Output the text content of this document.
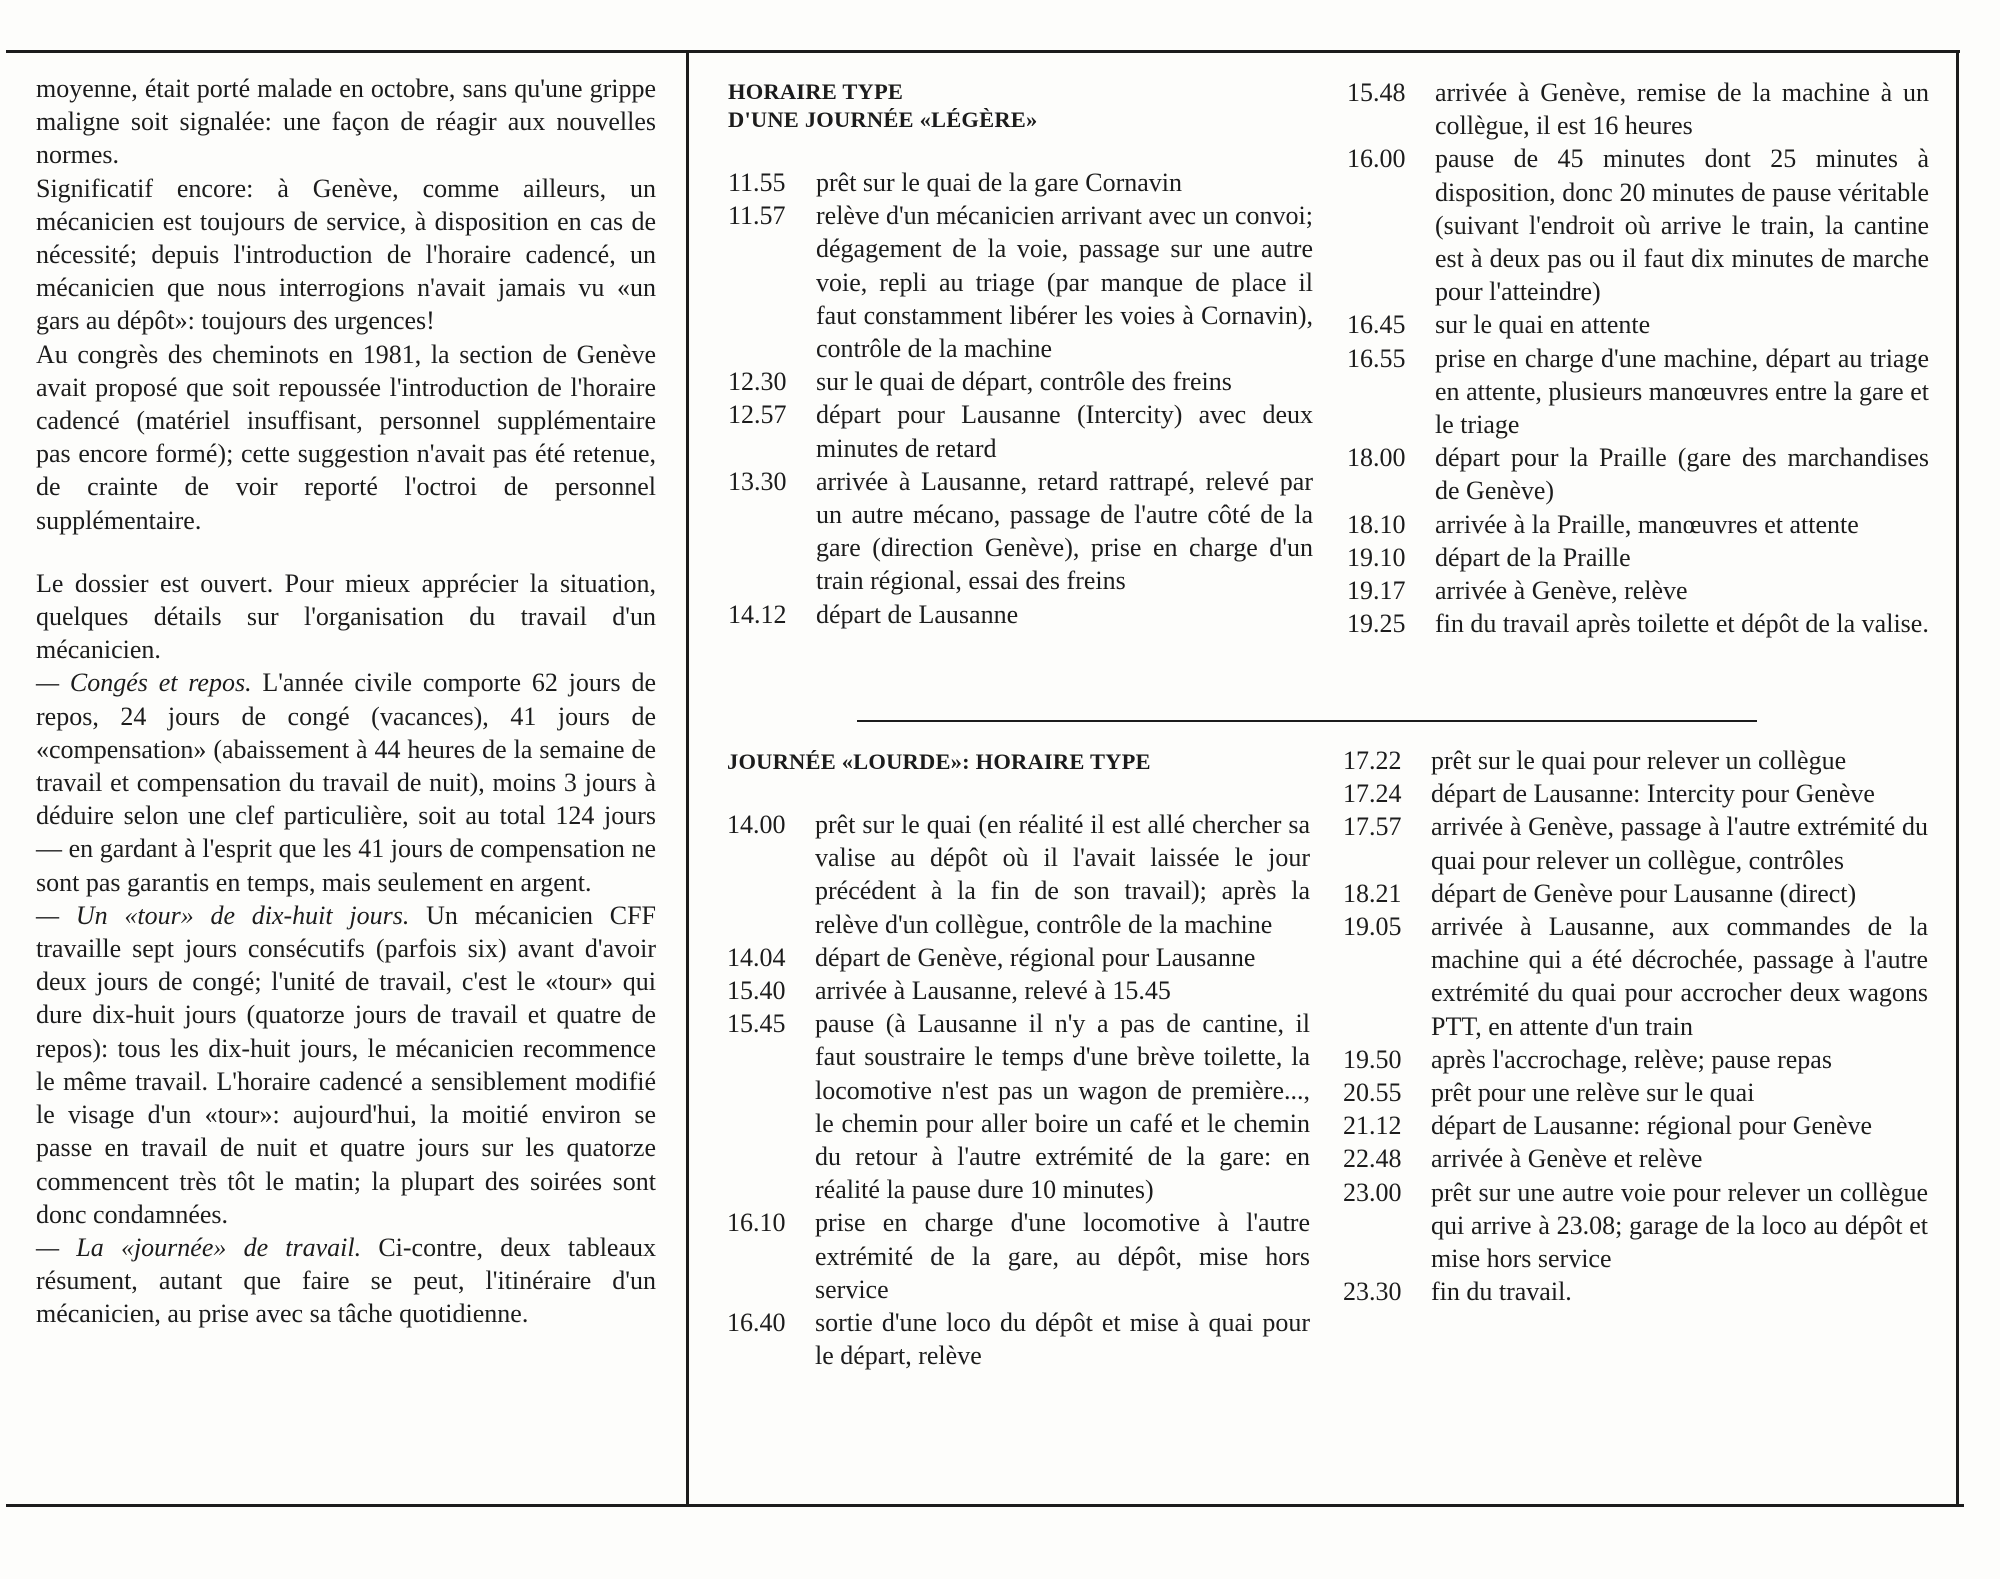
moyenne, était porté malade en octobre, sans qu'une grippe maligne soit signalée: une façon de réagir aux nouvelles normes.

Significatif encore: à Genève, comme ailleurs, un mécanicien est toujours de service, à disposition en cas de nécessité; depuis l'introduction de l'horaire cadencé, un mécanicien que nous interrogions n'avait jamais vu «un gars au dépôt»: toujours des urgences!

Au congrès des cheminots en 1981, la section de Genève avait proposé que soit repoussée l'introduction de l'horaire cadencé (matériel insuffisant, personnel supplémentaire pas encore formé); cette suggestion n'avait pas été retenue, de crainte de voir reporté l'octroi de personnel supplémentaire.

Le dossier est ouvert. Pour mieux apprécier la situation, quelques détails sur l'organisation du travail d'un mécanicien.

— Congés et repos. L'année civile comporte 62 jours de repos, 24 jours de congé (vacances), 41 jours de «compensation» (abaissement à 44 heures de la semaine de travail et compensation du travail de nuit), moins 3 jours à déduire selon une clef particulière, soit au total 124 jours — en gardant à l'esprit que les 41 jours de compensation ne sont pas garantis en temps, mais seulement en argent.

— Un «tour» de dix-huit jours. Un mécanicien CFF travaille sept jours consécutifs (parfois six) avant d'avoir deux jours de congé; l'unité de travail, c'est le «tour» qui dure dix-huit jours (quatorze jours de travail et quatre de repos): tous les dix-huit jours, le mécanicien recommence le même travail. L'horaire cadencé a sensiblement modifié le visage d'un «tour»: aujourd'hui, la moitié environ se passe en travail de nuit et quatre jours sur les quatorze commencent très tôt le matin; la plupart des soirées sont donc condamnées.

— La «journée» de travail. Ci-contre, deux tableaux résument, autant que faire se peut, l'itinéraire d'un mécanicien, au prise avec sa tâche quotidienne.

HORAIRE TYPE
D'UNE JOURNÉE «LÉGÈRE»
11.55	prêt sur le quai de la gare Cornavin
11.57	relève d'un mécanicien arrivant avec un convoi; dégagement de la voie, passage sur une autre voie, repli au triage (par manque de place il faut constamment libérer les voies à Cornavin), contrôle de la machine
12.30	sur le quai de départ, contrôle des freins
12.57	départ pour Lausanne (Intercity) avec deux minutes de retard
13.30	arrivée à Lausanne, retard rattrapé, relevé par un autre mécano, passage de l'autre côté de la gare (direction Genève), prise en charge d'un train régional, essai des freins
14.12	départ de Lausanne
15.48	arrivée à Genève, remise de la machine à un collègue, il est 16 heures
16.00	pause de 45 minutes dont 25 minutes à disposition, donc 20 minutes de pause véritable (suivant l'endroit où arrive le train, la cantine est à deux pas ou il faut dix minutes de marche pour l'atteindre)
16.45	sur le quai en attente
16.55	prise en charge d'une machine, départ au triage en attente, plusieurs manœuvres entre la gare et le triage
18.00	départ pour la Praille (gare des marchandises de Genève)
18.10	arrivée à la Praille, manœuvres et attente
19.10	départ de la Praille
19.17	arrivée à Genève, relève
19.25	fin du travail après toilette et dépôt de la valise.
JOURNÉE «LOURDE»: HORAIRE TYPE
14.00	prêt sur le quai (en réalité il est allé chercher sa valise au dépôt où il l'avait laissée le jour précédent à la fin de son travail); après la relève d'un collègue, contrôle de la machine
14.04	départ de Genève, régional pour Lausanne
15.40	arrivée à Lausanne, relevé à 15.45
15.45	pause (à Lausanne il n'y a pas de cantine, il faut soustraire le temps d'une brève toilette, la locomotive n'est pas un wagon de première..., le chemin pour aller boire un café et le chemin du retour à l'autre extrémité de la gare: en réalité la pause dure 10 minutes)
16.10	prise en charge d'une locomotive à l'autre extrémité de la gare, au dépôt, mise hors service
16.40	sortie d'une loco du dépôt et mise à quai pour le départ, relève
17.22	prêt sur le quai pour relever un collègue
17.24	départ de Lausanne: Intercity pour Genève
17.57	arrivée à Genève, passage à l'autre extrémité du quai pour relever un collègue, contrôles
18.21	départ de Genève pour Lausanne (direct)
19.05	arrivée à Lausanne, aux commandes de la machine qui a été décrochée, passage à l'autre extrémité du quai pour accrocher deux wagons PTT, en attente d'un train
19.50	après l'accrochage, relève; pause repas
20.55	prêt pour une relève sur le quai
21.12	départ de Lausanne: régional pour Genève
22.48	arrivée à Genève et relève
23.00	prêt sur une autre voie pour relever un collègue qui arrive à 23.08; garage de la loco au dépôt et mise hors service
23.30	fin du travail.
